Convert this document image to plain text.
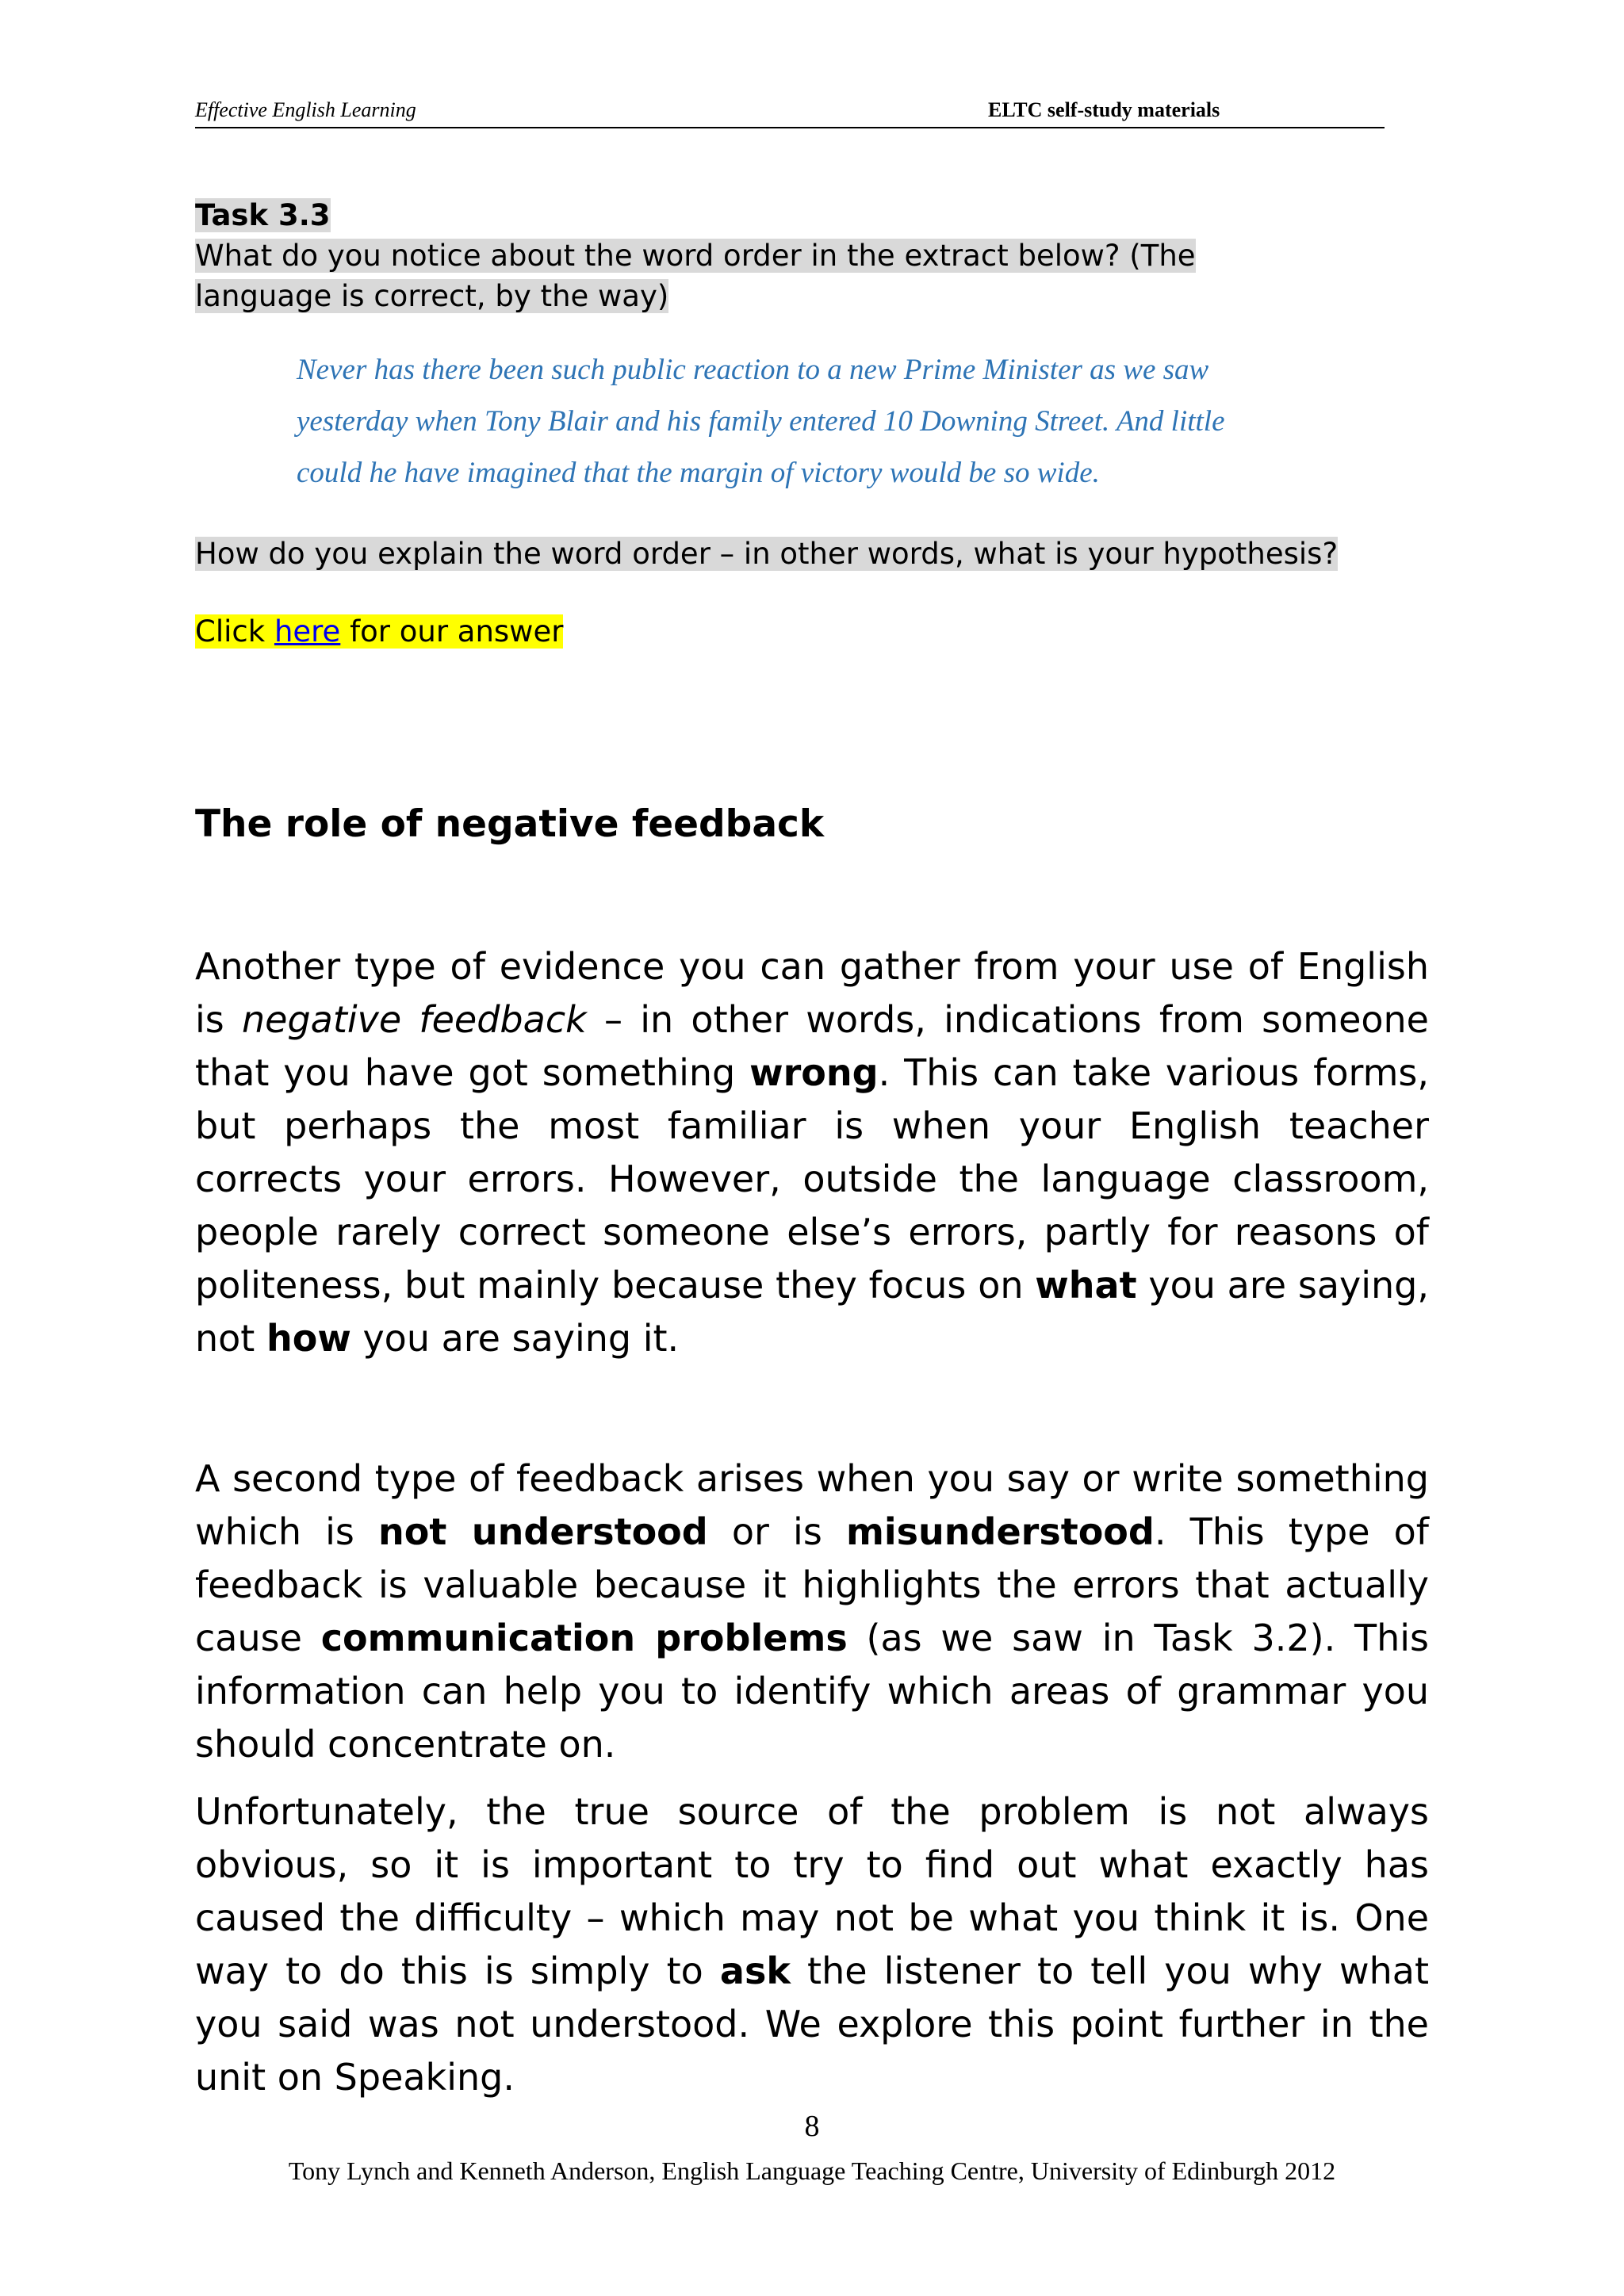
Effective English Learning	ELTC self-study materials
Task 3.3
What do you notice about the word order in the extract below? (The language is correct, by the way)
Never has there been such public reaction to a new Prime Minister as we saw yesterday when Tony Blair and his family entered 10 Downing Street. And little could he have imagined that the margin of victory would be so wide.
How do you explain the word order – in other words, what is your hypothesis?
Click here for our answer
The role of negative feedback
Another type of evidence you can gather from your use of English is negative feedback – in other words, indications from someone that you have got something wrong. This can take various forms, but perhaps the most familiar is when your English teacher corrects your errors. However, outside the language classroom, people rarely correct someone else’s errors, partly for reasons of politeness, but mainly because they focus on what you are saying, not how you are saying it.
A second type of feedback arises when you say or write something which is not understood or is misunderstood. This type of feedback is valuable because it highlights the errors that actually cause communication problems (as we saw in Task 3.2). This information can help you to identify which areas of grammar you should concentrate on.
Unfortunately, the true source of the problem is not always obvious, so it is important to try to find out what exactly has caused the difficulty – which may not be what you think it is. One way to do this is simply to ask the listener to tell you why what you said was not understood. We explore this point further in the unit on Speaking.
8
Tony Lynch and Kenneth Anderson, English Language Teaching Centre, University of Edinburgh 2012
